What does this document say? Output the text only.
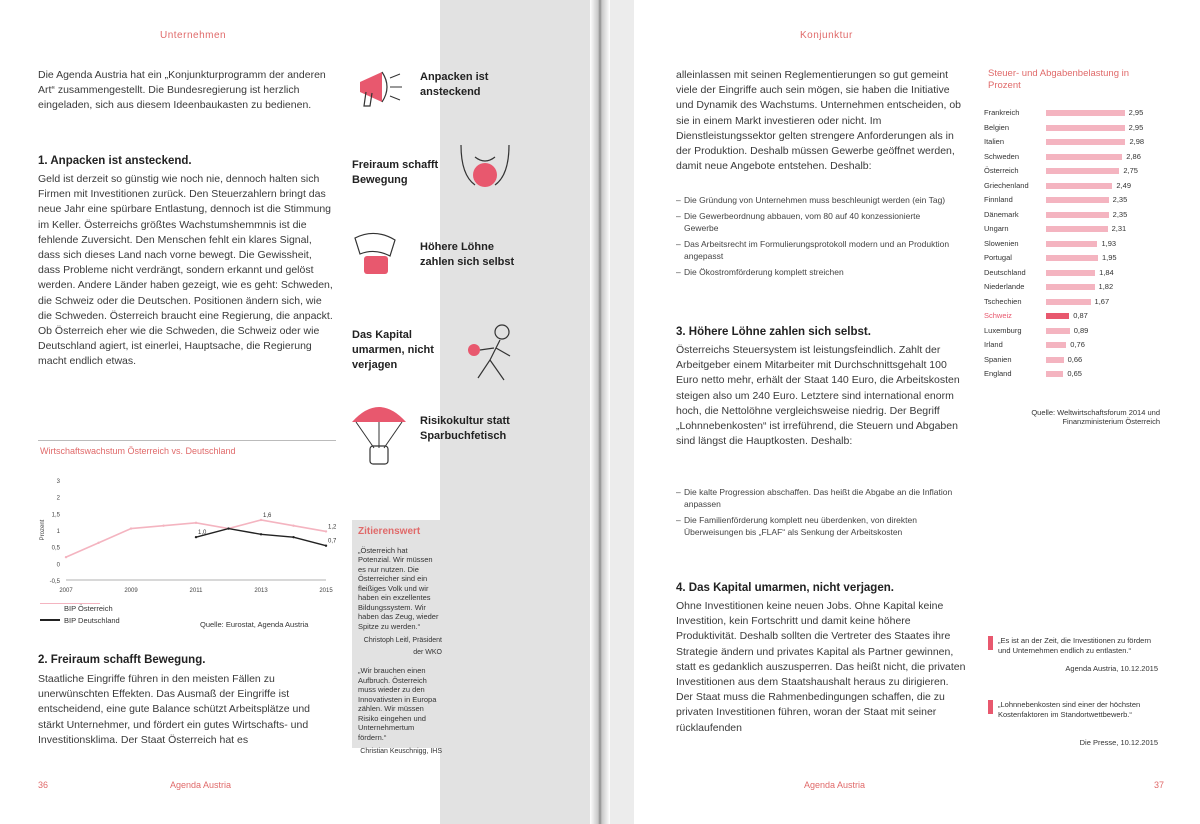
Unternehmen
Die Agenda Austria hat ein „Konjunkturprogramm der anderen Art“ zusammengestellt. Die Bundesregierung ist herzlich eingeladen, sich aus diesem Ideenbaukasten zu bedienen.
1. Anpacken ist ansteckend.
Geld ist derzeit so günstig wie noch nie, dennoch halten sich Firmen mit Investitionen zurück. Den Steuerzahlern bringt das neue Jahr eine spürbare Entlastung, dennoch ist die Stimmung im Keller. Österreichs größtes Wachstumshemmnis ist die fehlende Zuversicht. Den Menschen fehlt ein klares Signal, dass sich dieses Land nach vorne bewegt. Die Gewissheit, dass Probleme nicht verdrängt, sondern erkannt und gelöst werden. Andere Länder haben gezeigt, wie es geht: Schweden, die Schweiz oder die Deutschen. Positionen ändern sich, wie die Schweden. Österreich braucht eine Regierung, die anpackt. Ob Österreich eher wie die Schweden, die Schweiz oder wie Deutschland agiert, ist einerlei, Hauptsache, die Regierung macht endlich etwas.
Wirtschaftswachstum Österreich vs. Deutschland
3
2
1,5
1
0,5
0
-0,5
2007	2009	2011	2013	2015
Prozent
1,6
1,2
1,0
0,7
BIP Österreich
BIP Deutschland	Quelle: Eurostat, Agenda Austria
2. Freiraum schafft Bewegung.
Staatliche Eingriffe führen in den meisten Fällen zu unerwünschten Effekten. Das Ausmaß der Eingriffe ist entscheidend, eine gute Balance schützt Arbeitsplätze und stärkt Unternehmer, und fördert ein gutes Wirtschafts- und Investitionsklima. Der Staat Österreich hat es
Anpacken ist ansteckend
Freiraum schafft Bewegung
Höhere Löhne zahlen sich selbst
Das Kapital umarmen, nicht verjagen
Risikokultur statt Sparbuchfetisch
Zitierenswert
„Österreich hat Potenzial. Wir müssen es nur nutzen. Die Österreicher sind ein fleißiges Volk und wir haben ein exzellentes Bildungssystem. Wir haben das Zeug, wieder Spitze zu werden.“
Christoph Leitl, Präsident der WKO
„Wir brauchen einen Aufbruch. Österreich muss wieder zu den Innovativsten in Europa zählen. Wir müssen Risiko eingehen und Unternehmertum fördern.“
Christian Keuschnigg, IHS
36	Agenda Austria
Konjunktur
alleinlassen mit seinen Reglementierungen so gut gemeint viele der Eingriffe auch sein mögen, sie haben die Initiative und Dynamik des Wachstums. Unternehmen entscheiden, ob sie in einem Markt investieren oder nicht. Im Dienstleistungssektor gelten strengere Anforderungen als in der Produktion. Deshalb müssen Gewerbe geöffnet werden, damit neue Angebote entstehen. Deshalb:
– Die Gründung von Unternehmen muss beschleunigt werden (ein Tag)
– Die Gewerbeordnung abbauen, vom 80 auf 40 konzessionierte Gewerbe
– Das Arbeitsrecht im Formulierungsprotokoll modern und an Produktion angepasst
– Die Ökostromförderung komplett streichen
3. Höhere Löhne zahlen sich selbst.
Österreichs Steuersystem ist leistungsfeindlich. Zahlt der Arbeitgeber einem Mitarbeiter mit Durchschnittsgehalt 100 Euro netto mehr, erhält der Staat 140 Euro, die Arbeitskosten steigen also um 240 Euro. Letztere sind international enorm hoch, die Nettolöhne vergleichsweise niedrig. Der Begriff „Lohnnebenkosten“ ist irreführend, die Steuern und Abgaben sind längst die Hauptkosten. Deshalb:
– Die kalte Progression abschaffen. Das heißt die Abgabe an die Inflation anpassen
– Die Familienförderung komplett neu überdenken, von direkten Überweisungen bis „FLAF“ als Senkung der Arbeitskosten
4. Das Kapital umarmen, nicht verjagen.
Ohne Investitionen keine neuen Jobs. Ohne Kapital keine Investition, kein Fortschritt und damit keine höhere Produktivität. Deshalb sollten die Vertreter des Staates ihre Strategie ändern und privates Kapital als Partner gewinnen, statt es gedanklich auszusperren. Das heißt nicht, die privaten Investitionen aus dem Staatshaushalt heraus zu dirigieren. Der Staat muss die Rahmenbedingungen schaffen, die zu privaten Investitionen führen, woran der Staat mit seiner rücklaufenden
Steuer- und Abgabenbelastung in Prozent
Frankreich	2,95
Belgien	2,95
Italien	2,98
Schweden	2,86
Österreich	2,75
Griechenland	2,49
Finnland	2,35
Dänemark	2,35
Ungarn	2,31
Slowenien	1,93
Portugal	1,95
Deutschland	1,84
Niederlande	1,82
Tschechien	1,67
Schweiz	0,87
Luxemburg	0,89
Irland	0,76
Spanien	0,66
England	0,65
Quelle: Weltwirtschaftsforum 2014 und Finanzministerium Österreich
„Es ist an der Zeit, die Investitionen zu fördern und Unternehmen endlich zu entlasten.“
Agenda Austria, 10.12.2015
„Lohnnebenkosten sind einer der höchsten Kostenfaktoren im Standortwettbewerb.“
Die Presse, 10.12.2015
Agenda Austria	37
